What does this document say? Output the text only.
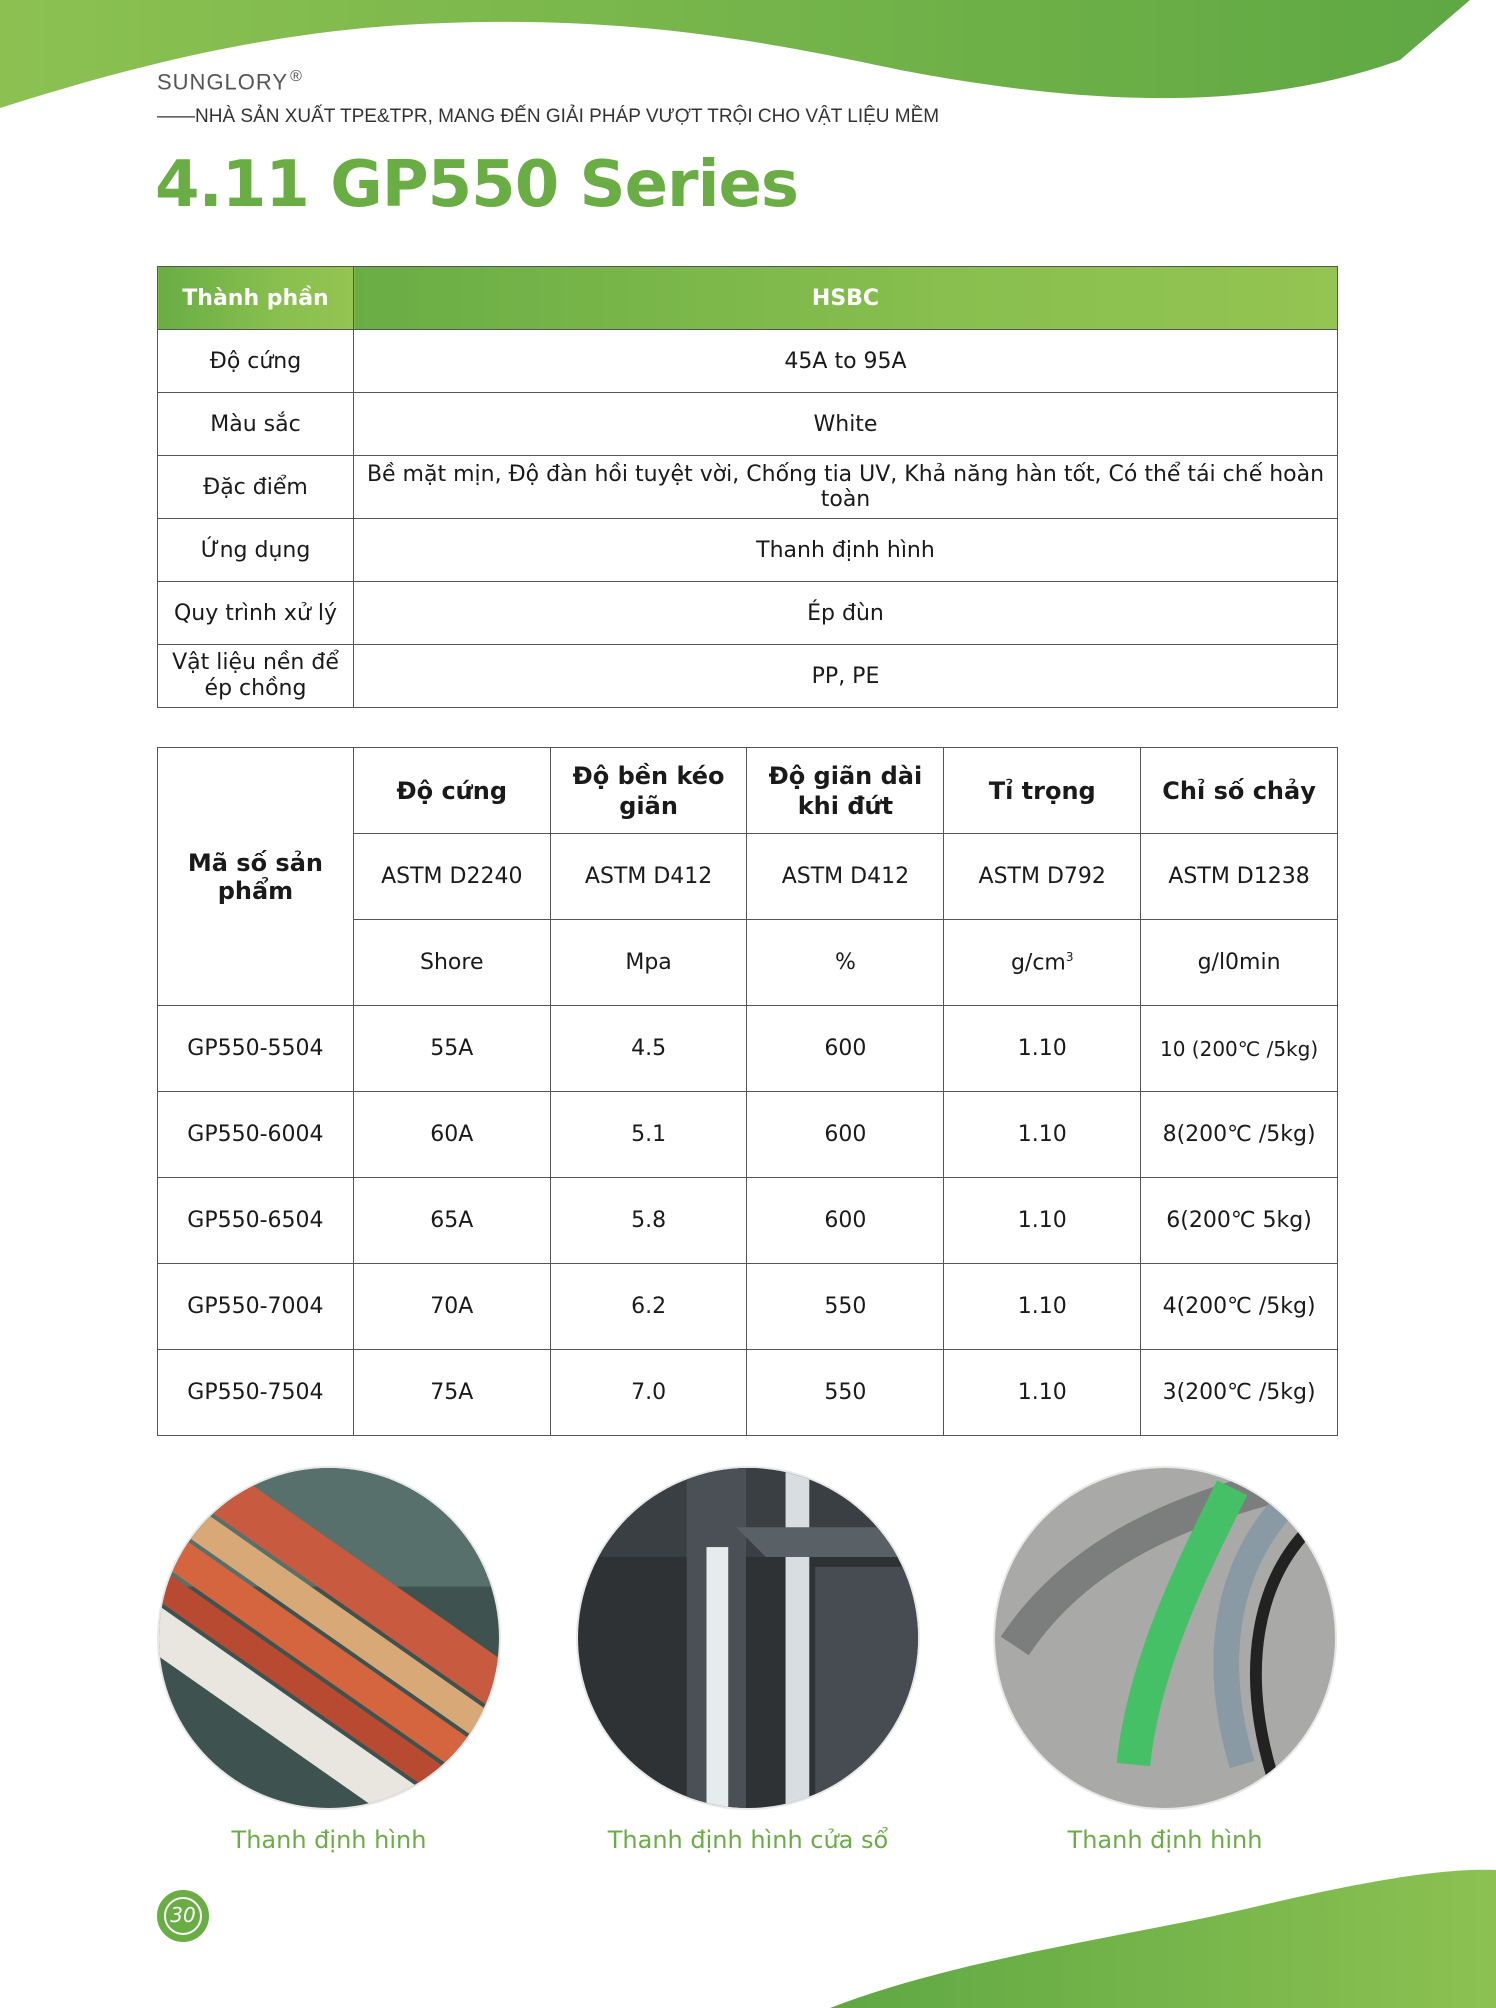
SUNGLORY ®
——NHÀ SẢN XUẤT TPE&TPR, MANG ĐẾN GIẢI PHÁP VƯỢT TRỘI CHO VẬT LIỆU MỀM
4.11 GP550 Series
Thành phần	HSBC
Độ cứng	45A to 95A
Màu sắc	White
Đặc điểm	Bề mặt mịn, Độ đàn hồi tuyệt vời, Chống tia UV, Khả năng hàn tốt, Có thể tái chế hoàn toàn
Ứng dụng	Thanh định hình
Quy trình xử lý	Ép đùn
Vật liệu nền để ép chồng	PP, PE
Mã số sản phẩm	Độ cứng	Độ bền kéo giãn	Độ giãn dài khi đứt	Tỉ trọng	Chỉ số chảy
	ASTM D2240	ASTM D412	ASTM D412	ASTM D792	ASTM D1238
	Shore	Mpa	%	$g/cm^3$	g/l0min
GP550-5504	55A	4.5	600	1.10	10 (200℃ /5kg)
GP550-6004	60A	5.1	600	1.10	8(200℃ /5kg)
GP550-6504	65A	5.8	600	1.10	6(200℃ 5kg)
GP550-7004	70A	6.2	550	1.10	4(200℃ /5kg)
GP550-7504	75A	7.0	550	1.10	3(200℃ /5kg)
Thanh định hình	Thanh định hình cửa sổ	Thanh định hình
30
